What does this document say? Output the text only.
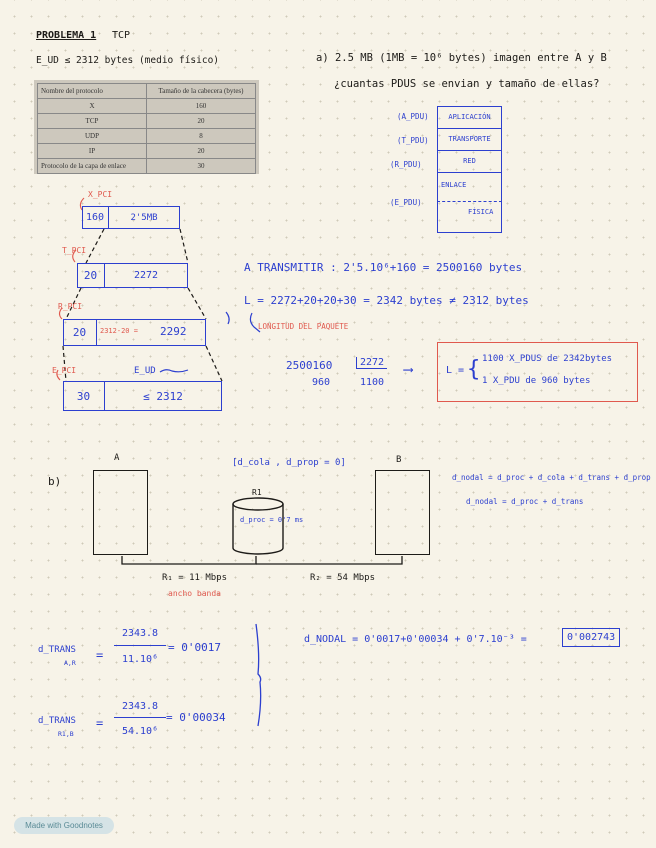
PROBLEMA 1 TCP
E_UD ≤ 2312 bytes (medio físico)
Nombre del protocolo	Tamaño de la cabecera (bytes)
X	160
TCP	20
UDP	8
IP	20
Protocolo de la capa de enlace	30
a) 2.5 MB (1MB = 10⁶ bytes) imagen entre A y B
¿cuantas PDUS se envian y tamaño de ellas?
(A_PDU)
(T_PDU)
(R_PDU)
(E_PDU)
APLICACIÓN
TRANSPORTE
RED
ENLACE
FÍSICA
X_PCI
T_PCI
R_PCI
E_PCI	E_UD
160	2'5MB
20	2272
20	2312-20 = 2292
30	≤ 2312
A TRANSMITIR : 2'5.10⁶+160 = 2500160 bytes
L = 2272+20+20+30 = 2342 bytes ≠ 2312 bytes
LONGITUD DEL PAQUETE
2500160	2272
960	1100
⟶	L = { 1100 X_PDUS de 2342bytes
1 X_PDU de 960 bytes
b)
A	B
[d_cola , d_prop = 0]
R1
d_proc = 0'7 ms
R₁ = 11 Mbps
ancho banda
R₂ = 54 Mbps
d_nodal = d_proc + d_cola + d_trans + d_prop
d_nodal = d_proc + d_trans
d_TRANS
A,R
=
2343.8
11.10⁶
= 0'0017
d_TRANS
R1,B
=
2343.8
54.10⁶
= 0'00034
d_NODAL = 0'0017+0'00034 + 0'7.10⁻³ =	0'002743
Made with Goodnotes
